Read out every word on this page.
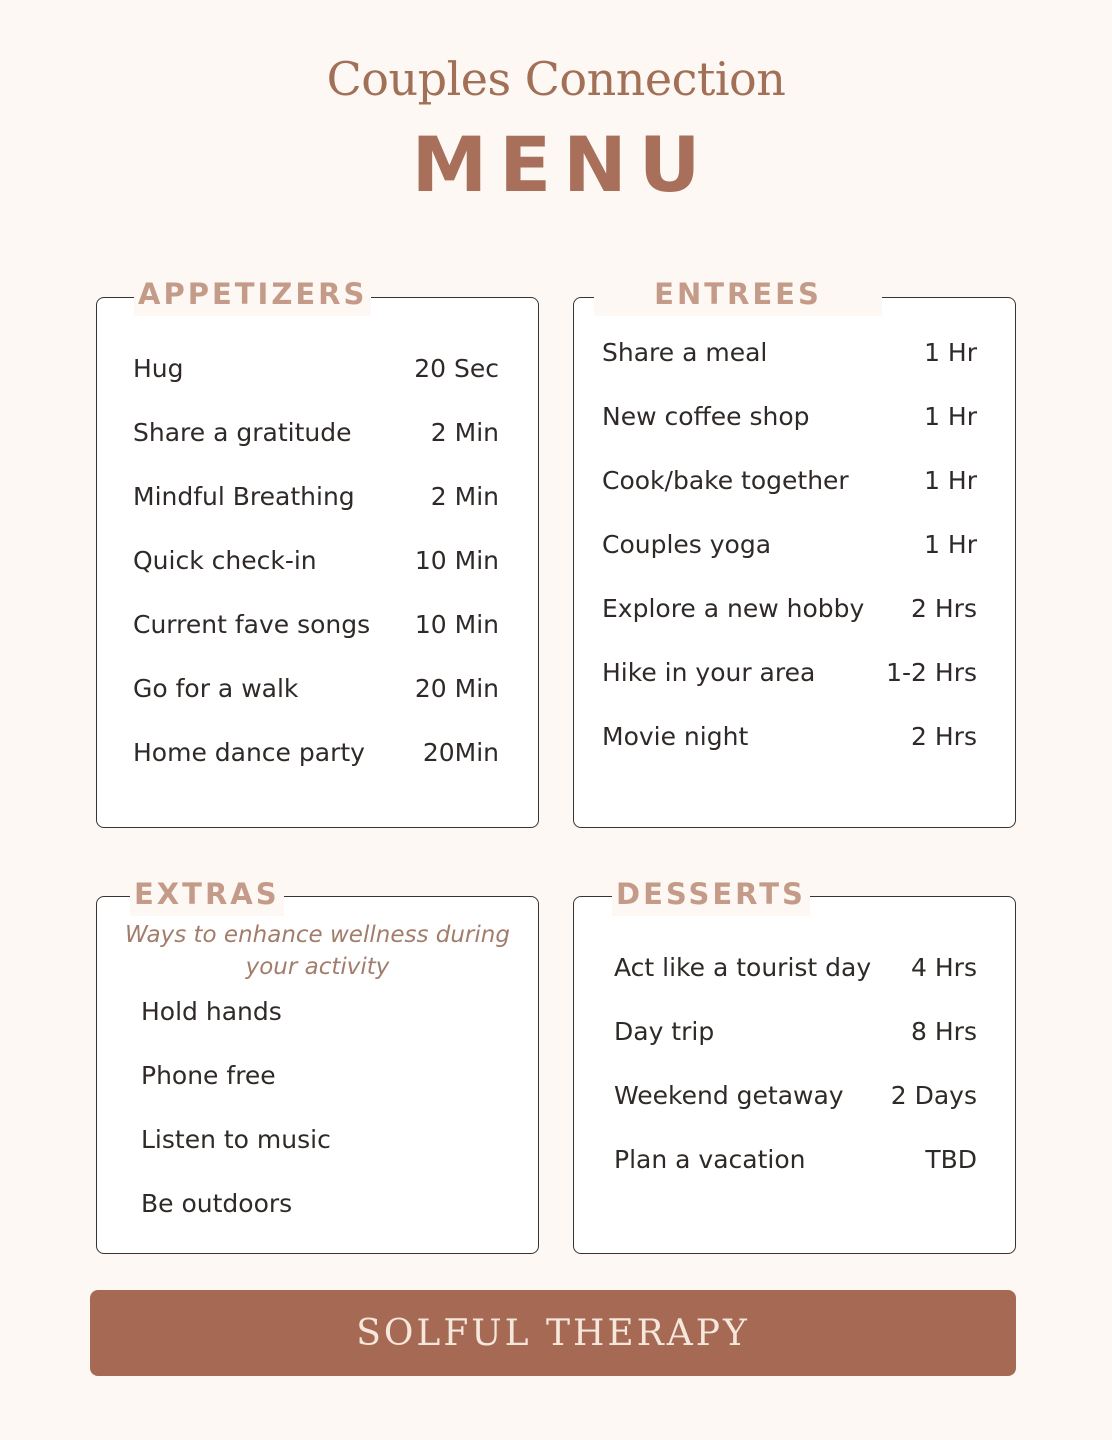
Couples Connection
MENU
Hug	20 Sec
Share a gratitude	2 Min
Mindful Breathing	2 Min
Quick check-in	10 Min
Current fave songs 10 Min
Go for a walk	20 Min
Home dance party 20Min
APPETIZERS
Share a meal	1 Hr
New coffee shop	1 Hr
Cook/bake together	1 Hr
Couples yoga	1 Hr
Explore a new hobby 2 Hrs
Hike in your area	1-2 Hrs
Movie night	2 Hrs
ENTREES
Ways to enhance wellness during
your activity
Hold hands
Phone free
Listen to music
Be outdoors
EXTRAS
Act like a tourist day 4 Hrs
Day trip	8 Hrs
Weekend getaway 2 Days
Plan a vacation	TBD
DESSERTS
SOLFUL THERAPY
